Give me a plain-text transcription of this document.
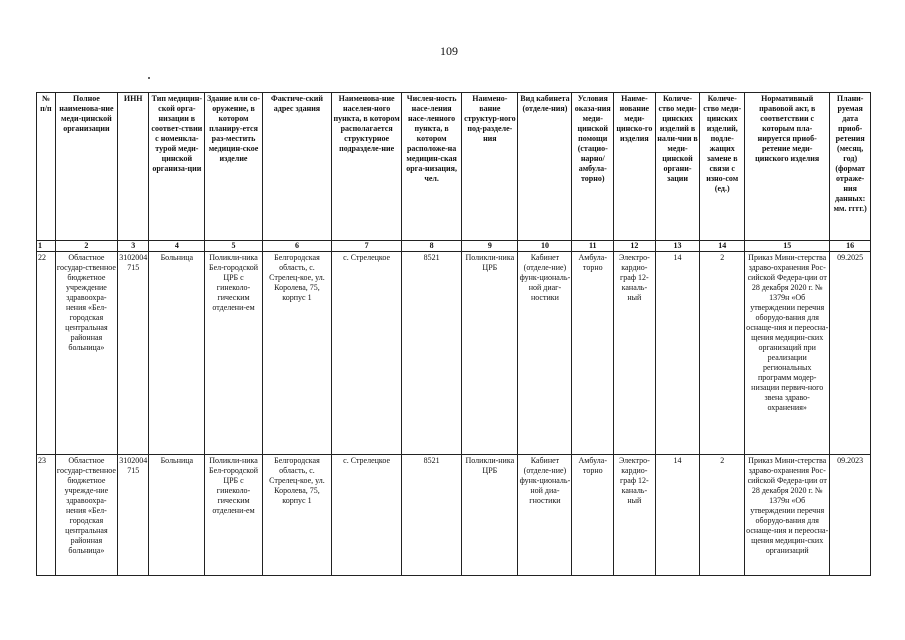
109
№ п/п	Полное наименова-ние меди-цинской организации	ИНН	Тип медицин-ской орга-низации в соответ-ствии с номенкла-турой меди-цинской организа-ции	Здание или со-оружение, в котором планиру-ется раз-местить медицин-ское изделие	Фактиче-ский адрес здания	Наименова-ние населен-ного пункта, в котором располагается структурное подразделе-ние	Числен-ность насе-ления насе-ленного пункта, в котором расположе-на медицин-ская орга-низация, чел.	Наимено-вание структур-ного под-разделе-ния	Вид кабинета (отделе-ния)	Условия оказа-ния меди-цинской помощи (стацио-нарно/ амбула-торно)	Наиме-нование меди-цинско-го изделия	Количе-ство меди-цинских изделий в нали-чии в меди-цинской органи-зации	Количе-ство меди-цинских изделий, подле-жащих замене в связи с изно-сом (ед.)	Нормативный правовой акт, в соответствии с которым пла-нируется приоб-ретение меди-цинского изделия	Плани-руемая дата приоб-ретения (месяц, год) (формат отраже-ния данных: мм. гггг.)
1	2	3	4	5	6	7	8	9	10	11	12	13	14	15	16
22	Областное государ-ственное бюджетное учреждение здравоохра-нения «Бел-городская центральная районная больница»	3102004715	Больница	Поликли-ника Бел-городской ЦРБ с гинеколо-гическим отделени-ем	Белгородская область, с. Стрелец-кое, ул. Королева, 75, корпус 1	с. Стрелецкое	8521	Поликли-ника ЦРБ	Кабинет (отделе-ние) функ-циональ-ной диаг-ностики	Амбула-торно	Электро-кардио-граф 12-каналь-ный	14	2	Приказ Мини-стерства здраво-охранения Рос-сийской Федера-ции от 28 декабря 2020 г. № 1379н «Об утверждении перечня оборудо-вания для оснаще-ния и переосна-щения медицин-ских организаций при реализации региональных программ модер-низации первич-ного звена здраво-охранения»	09.2025
23	Областное государ-ственное бюджетное учрежде-ние здравоохра-нения «Бел-городская центральная районная больница»	3102004715	Больница	Поликли-ника Бел-городской ЦРБ с гинеколо-гическим отделени-ем	Белгородская область, с. Стрелец-кое, ул. Королева, 75, корпус 1	с. Стрелецкое	8521	Поликли-ника ЦРБ	Кабинет (отделе-ние) функ-циональ-ной диа-гностики	Амбула-торно	Электро-кардио-граф 12-каналь-ный	14	2	Приказ Мини-стерства здраво-охранения Рос-сийской Федера-ции от 28 декабря 2020 г. № 1379н «Об утверждении перечня оборудо-вания для оснаще-ния и переосна-щения медицин-ских организаций	09.2023
